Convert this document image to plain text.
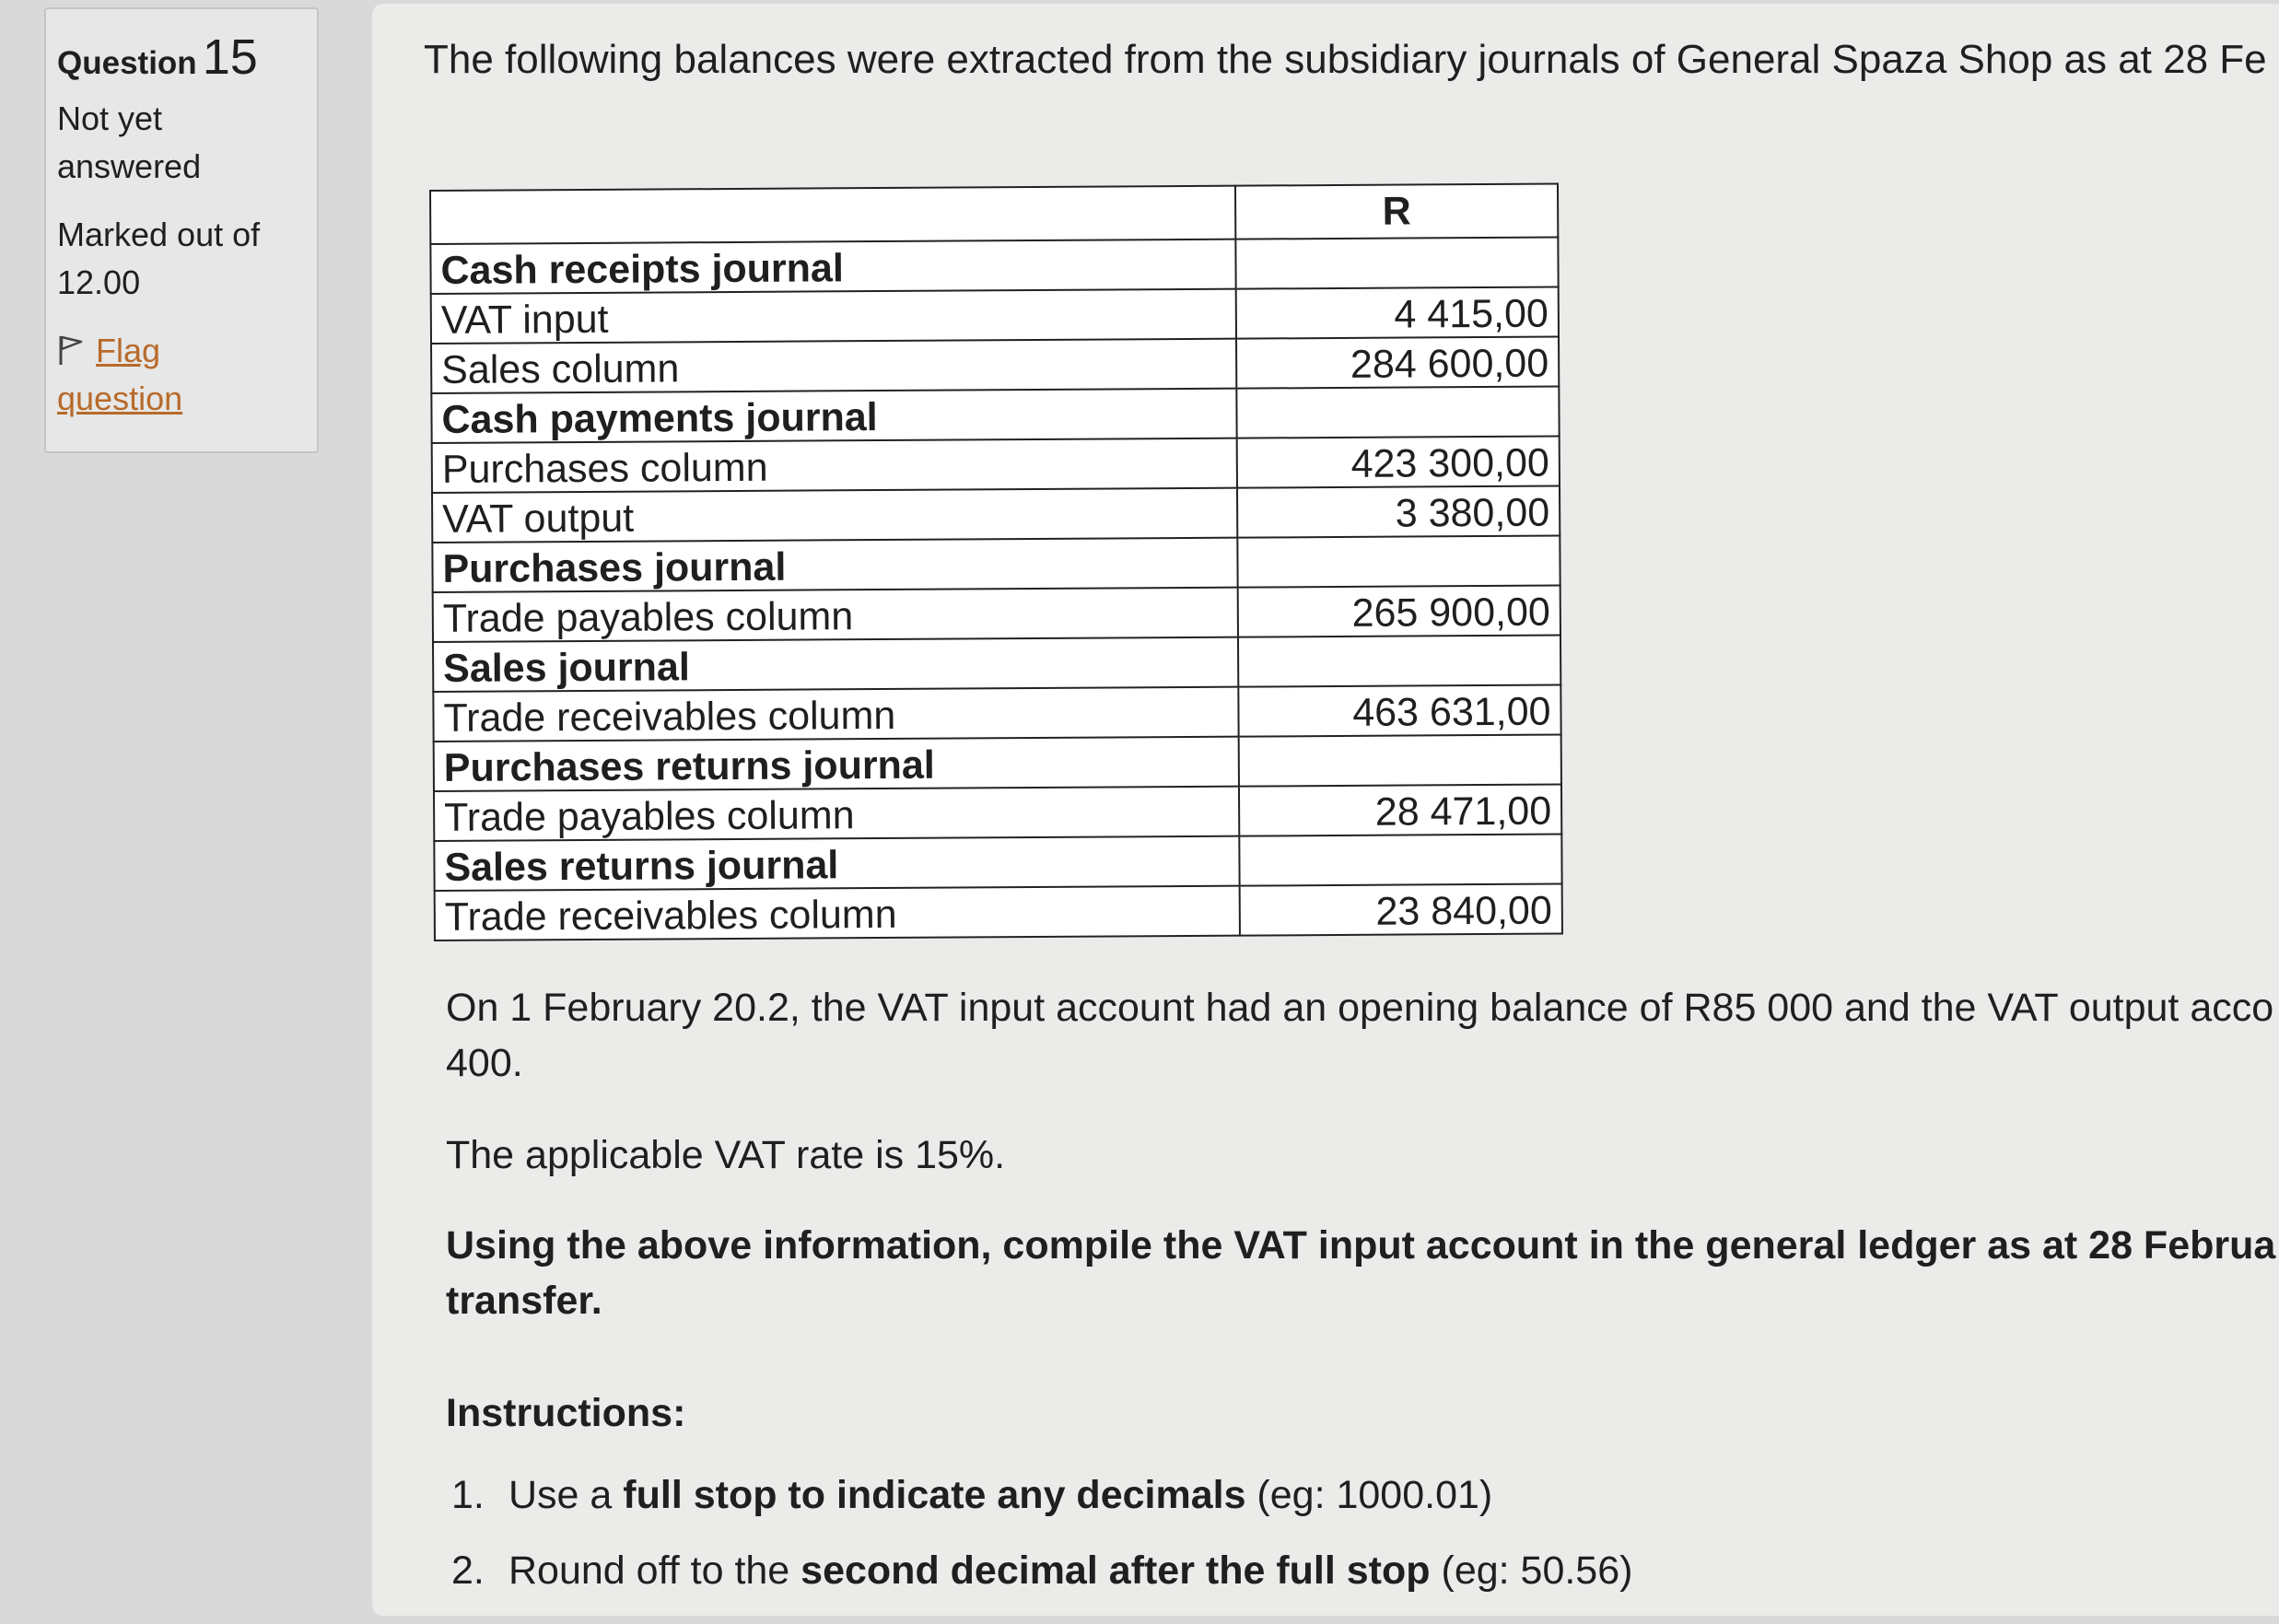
Question 15
Not yet
answered
Marked out of
12.00
Flag
question
The following balances were extracted from the subsidiary journals of General Spaza Shop as at 28 Fe
	R
Cash receipts journal	
VAT input	4 415,00
Sales column	284 600,00
Cash payments journal	
Purchases column	423 300,00
VAT output	3 380,00
Purchases journal	
Trade payables column	265 900,00
Sales journal	
Trade receivables column	463 631,00
Purchases returns journal	
Trade payables column	28 471,00
Sales returns journal	
Trade receivables column	23 840,00
On 1 February 20.2, the VAT input account had an opening balance of R85 000 and the VAT output acco
400.
The applicable VAT rate is 15%.
Using the above information, compile the VAT input account in the general ledger as at 28 Februa
transfer.
Instructions:
1. Use a full stop to indicate any decimals (eg: 1000.01)
2. Round off to the second decimal after the full stop (eg: 50.56)
